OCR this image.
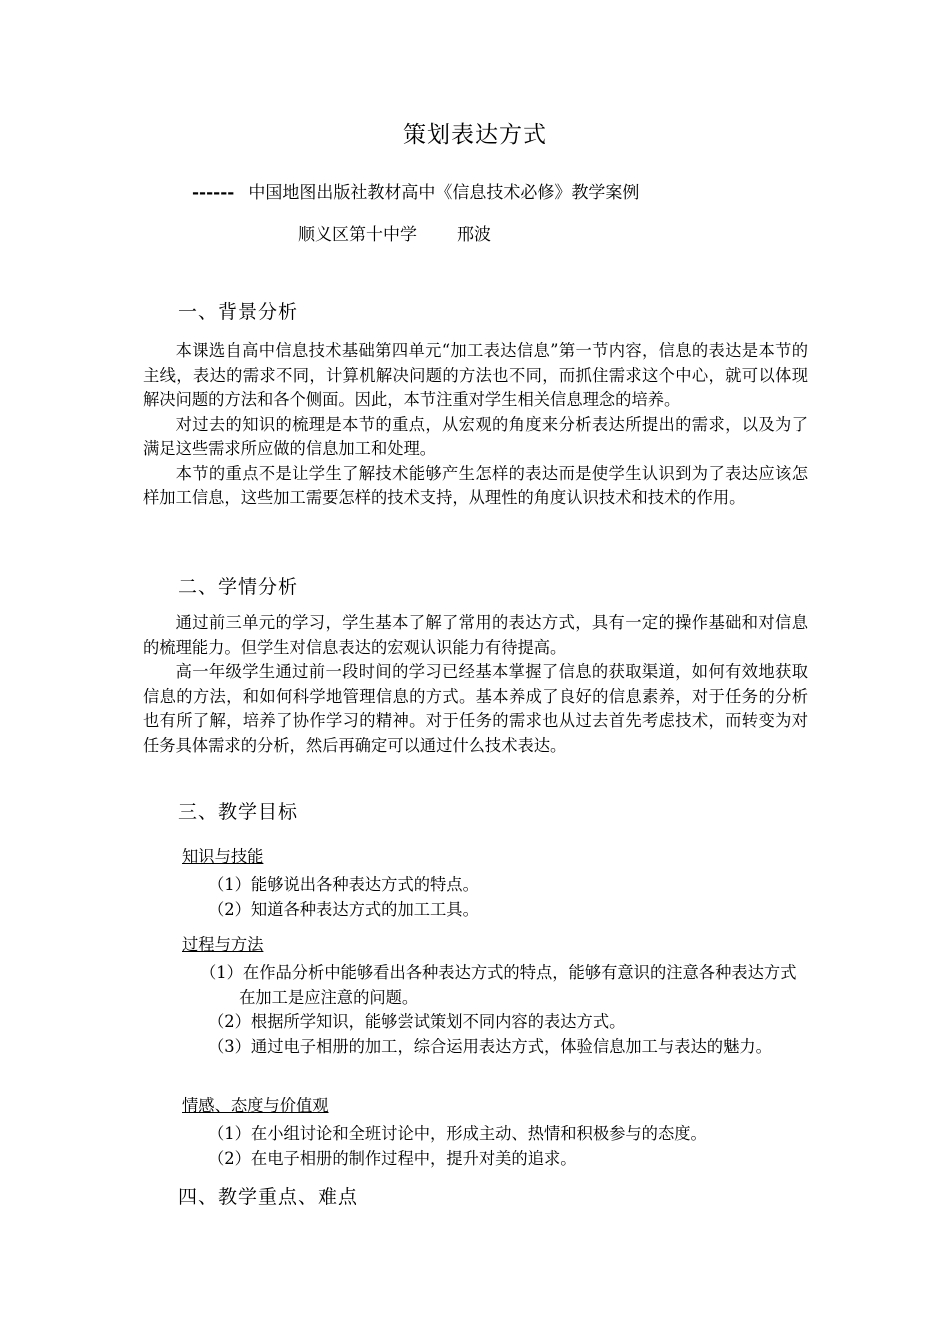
策划表达方式
------ 中国地图出版社教材高中《信息技术必修》教学案例
顺义区第十中学 邢波
一、背景分析

本课选自高中信息技术基础第四单元“加工表达信息”第一节内容，信息的表达是本节的主线，表达的需求不同，计算机解决问题的方法也不同，而抓住需求这个中心，就可以体现解决问题的方法和各个侧面。因此，本节注重对学生相关信息理念的培养。

对过去的知识的梳理是本节的重点，从宏观的角度来分析表达所提出的需求，以及为了满足这些需求所应做的信息加工和处理。

本节的重点不是让学生了解技术能够产生怎样的表达而是使学生认识到为了表达应该怎样加工信息，这些加工需要怎样的技术支持，从理性的角度认识技术和技术的作用。

二、学情分析

通过前三单元的学习，学生基本了解了常用的表达方式，具有一定的操作基础和对信息的梳理能力。但学生对信息表达的宏观认识能力有待提高。

高一年级学生通过前一段时间的学习已经基本掌握了信息的获取渠道，如何有效地获取信息的方法，和如何科学地管理信息的方式。基本养成了良好的信息素养，对于任务的分析也有所了解，培养了协作学习的精神。对于任务的需求也从过去首先考虑技术，而转变为对任务具体需求的分析，然后再确定可以通过什么技术表达。

三、教学目标
知识与技能
（1）能够说出各种表达方式的特点。
（2）知道各种表达方式的加工工具。
过程与方法
（1）在作品分析中能够看出各种表达方式的特点，能够有意识的注意各种表达方式在加工是应注意的问题。
（2）根据所学知识，能够尝试策划不同内容的表达方式。
（3）通过电子相册的加工，综合运用表达方式，体验信息加工与表达的魅力。
情感、态度与价值观
（1）在小组讨论和全班讨论中，形成主动、热情和积极参与的态度。
（2）在电子相册的制作过程中，提升对美的追求。
四、教学重点、难点
